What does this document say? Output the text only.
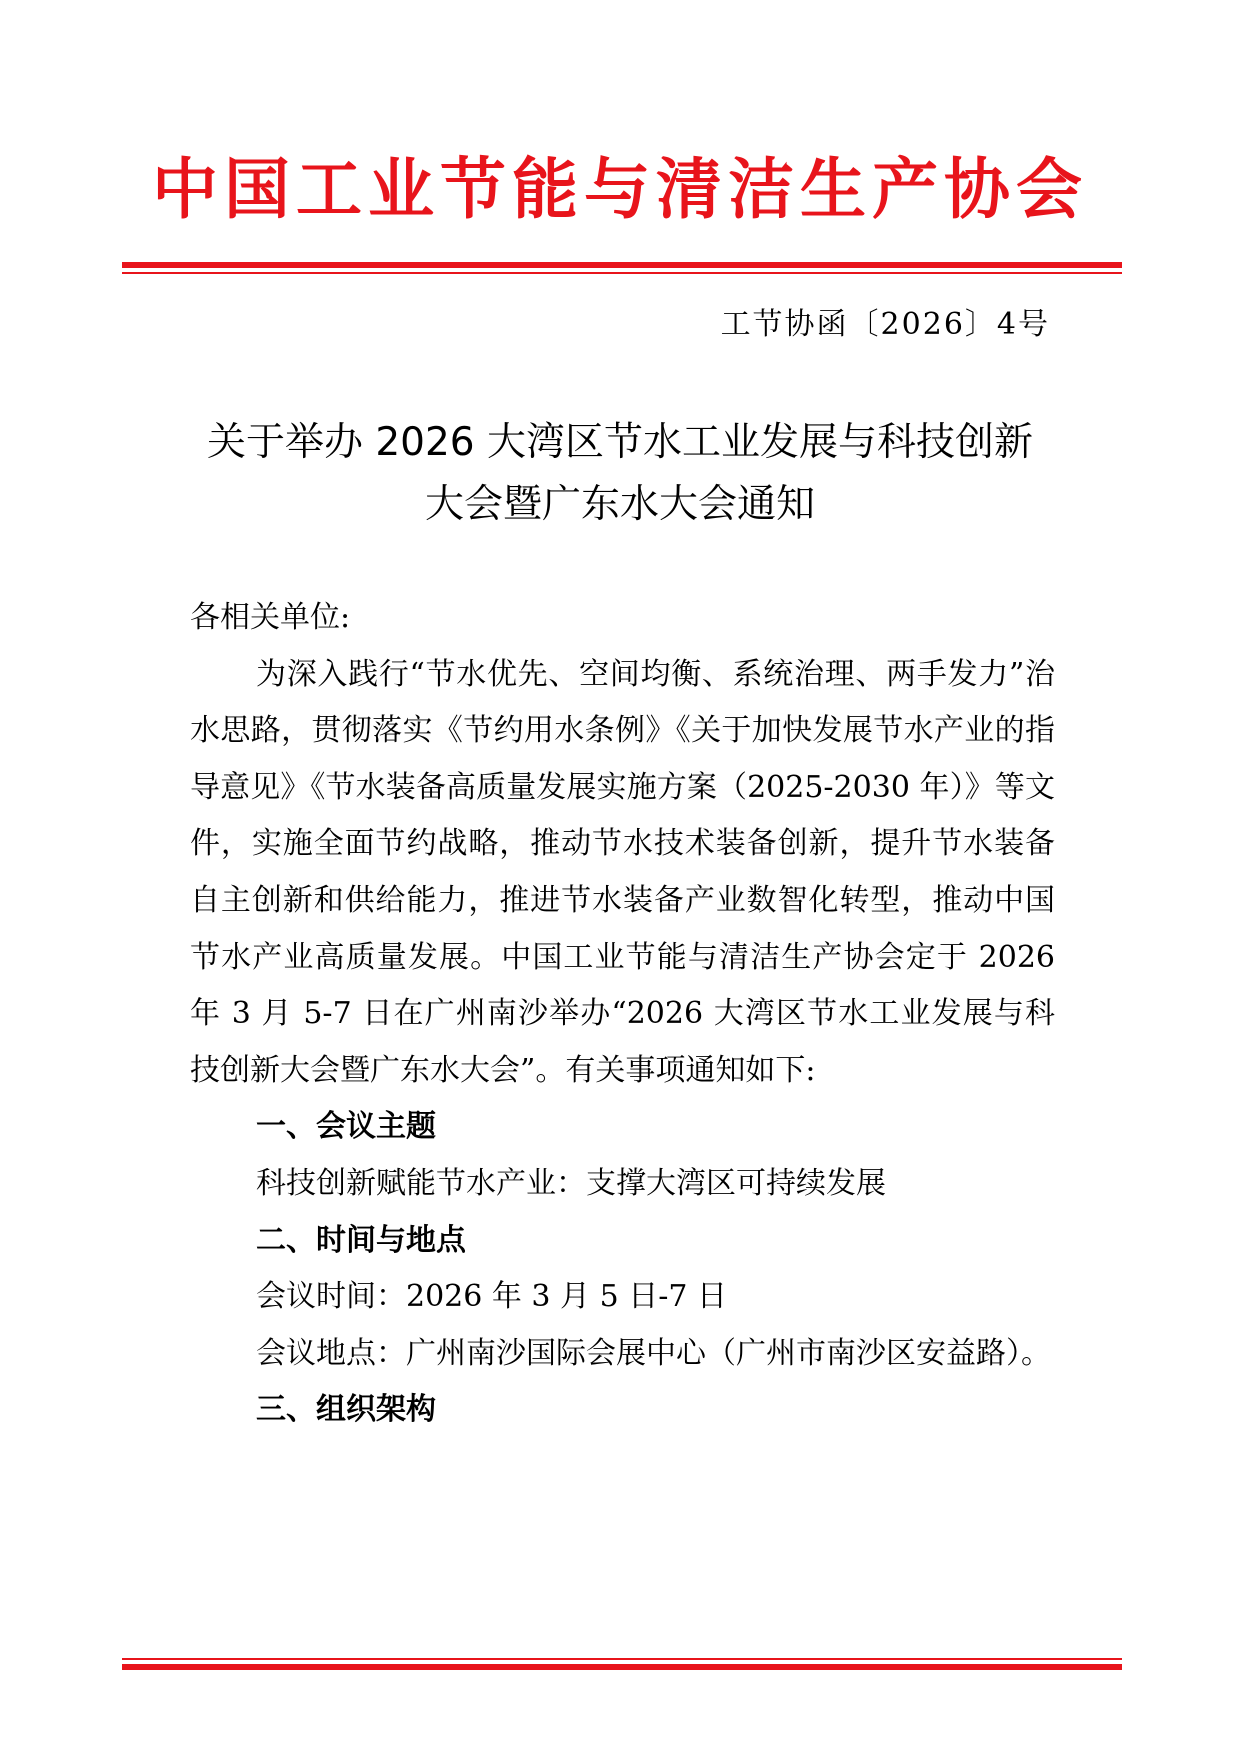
中国工业节能与清洁生产协会
工节协函〔2026〕4号
关于举办 2026 大湾区节水工业发展与科技创新
大会暨广东水大会通知

各相关单位:

为深入践行“节水优先、空间均衡、系统治理、两手发力”治水思路，贯彻落实《节约用水条例》《关于加快发展节水产业的指导意见》《节水装备高质量发展实施方案（2025-2030 年）》等文件，实施全面节约战略，推动节水技术装备创新，提升节水装备自主创新和供给能力，推进节水装备产业数智化转型，推动中国节水产业高质量发展。中国工业节能与清洁生产协会定于 2026 年 3 月 5-7 日在广州南沙举办“2026 大湾区节水工业发展与科技创新大会暨广东水大会”。有关事项通知如下:

一、会议主题

科技创新赋能节水产业：支撑大湾区可持续发展

二、时间与地点

会议时间：2026 年 3 月 5 日-7 日

会议地点：广州南沙国际会展中心（广州市南沙区安益路）。

三、组织架构
